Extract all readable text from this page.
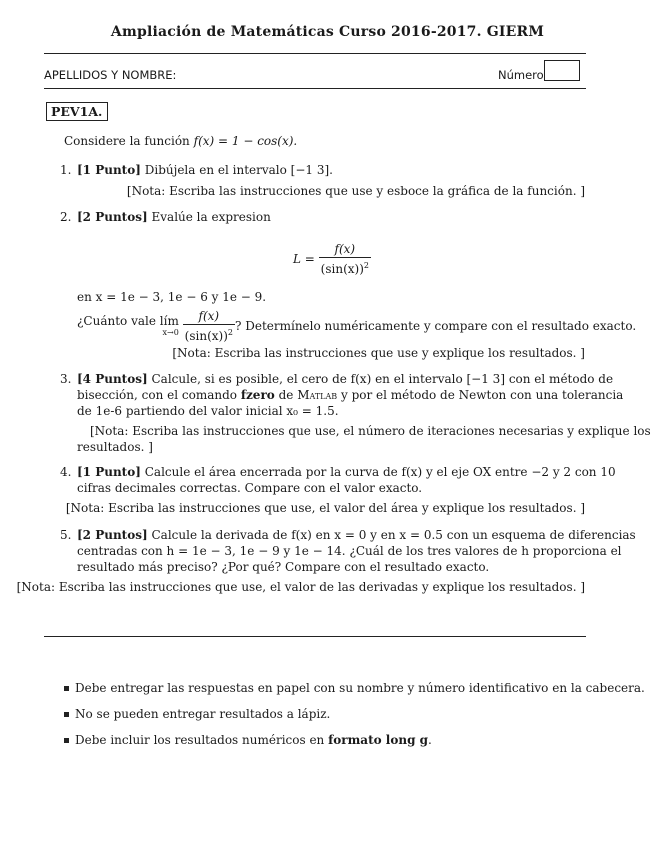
Ampliación de Matemáticas Curso 2016-2017. GIERM
APELLIDOS Y NOMBRE:	Número
PEV1A.
Considere la función f(x) = 1 − cos(x).
1. [1 Punto] Dibújela en el intervalo [−1 3].
[Nota: Escriba las instrucciones que use y esboce la gráfica de la función. ]
2. [2 Puntos] Evalúe la expresion
$L = \frac{f(x)}{(\sin(x))^2}$
en x = 1e − 3, 1e − 6 y 1e − 9.
¿Cuánto vale lím
x→0
$\frac{f(x)}{(\sin(x))^2}$ ? Determínelo numéricamente y compare con el resultado exacto.
[Nota: Escriba las instrucciones que use y explique los resultados. ]
3. [4 Puntos] Calcule, si es posible, el cero de f(x) en el intervalo [−1 3] con el método de
bisección, con el comando fzero de Matlab y por el método de Newton con una tolerancia
de 1e-6 partiendo del valor inicial x₀ = 1.5.
[Nota: Escriba las instrucciones que use, el número de iteraciones necesarias y explique los
resultados. ]
4. [1 Punto] Calcule el área encerrada por la curva de f(x) y el eje OX entre −2 y 2 con 10
cifras decimales correctas. Compare con el valor exacto.
[Nota: Escriba las instrucciones que use, el valor del área y explique los resultados. ]
5. [2 Puntos] Calcule la derivada de f(x) en x = 0 y en x = 0.5 con un esquema de diferencias
centradas con h = 1e − 3, 1e − 9 y 1e − 14. ¿Cuál de los tres valores de h proporciona el
resultado más preciso? ¿Por qué? Compare con el resultado exacto.
[Nota: Escriba las instrucciones que use, el valor de las derivadas y explique los resultados. ]
Debe entregar las respuestas en papel con su nombre y número identificativo en la cabecera.
No se pueden entregar resultados a lápiz.
Debe incluir los resultados numéricos en formato long g.
